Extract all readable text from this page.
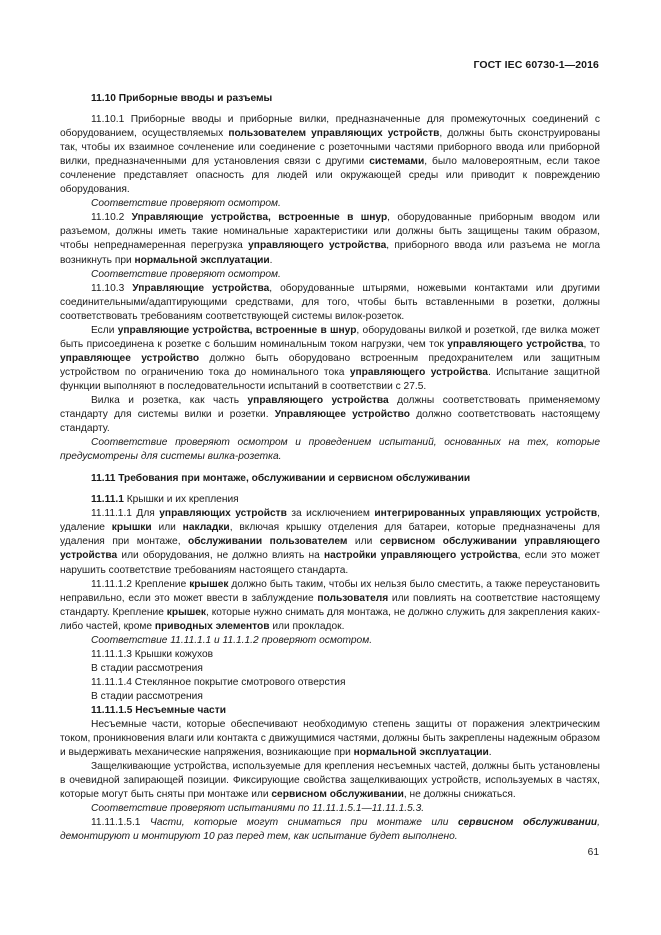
ГОСТ IEC 60730-1—2016

11.10 Приборные вводы и разъемы

11.10.1 Приборные вводы и приборные вилки, предназначенные для промежуточных соединений с оборудованием, осуществляемых пользователем управляющих устройств, должны быть сконструированы так, чтобы их взаимное сочленение или соединение с розеточными частями приборного ввода или приборной вилки, предназначенными для установления связи с другими системами, было маловероятным, если такое сочленение представляет опасность для людей или окружающей среды или приводит к повреждению оборудования.

Соответствие проверяют осмотром.

11.10.2 Управляющие устройства, встроенные в шнур, оборудованные приборным вводом или разъемом, должны иметь такие номинальные характеристики или должны быть защищены таким образом, чтобы непреднамеренная перегрузка управляющего устройства, приборного ввода или разъема не могла возникнуть при нормальной эксплуатации.

Соответствие проверяют осмотром.

11.10.3 Управляющие устройства, оборудованные штырями, ножевыми контактами или другими соединительными/адаптирующими средствами, для того, чтобы быть вставленными в розетки, должны соответствовать требованиям соответствующей системы вилок-розеток.

Если управляющие устройства, встроенные в шнур, оборудованы вилкой и розеткой, где вилка может быть присоединена к розетке с большим номинальным током нагрузки, чем ток управляющего устройства, то управляющее устройство должно быть оборудовано встроенным предохранителем или защитным устройством по ограничению тока до номинального тока управляющего устройства. Испытание защитной функции выполняют в последовательности испытаний в соответствии с 27.5.

Вилка и розетка, как часть управляющего устройства должны соответствовать применяемому стандарту для системы вилки и розетки. Управляющее устройство должно соответствовать настоящему стандарту.

Соответствие проверяют осмотром и проведением испытаний, основанных на тех, которые предусмотрены для системы вилка-розетка.

11.11 Требования при монтаже, обслуживании и сервисном обслуживании

11.11.1 Крышки и их крепления

11.11.1.1 Для управляющих устройств за исключением интегрированных управляющих устройств, удаление крышки или накладки, включая крышку отделения для батареи, которые предназначены для удаления при монтаже, обслуживании пользователем или сервисном обслуживании управляющего устройства или оборудования, не должно влиять на настройки управляющего устройства, если это может нарушить соответствие требованиям настоящего стандарта.

11.11.1.2 Крепление крышек должно быть таким, чтобы их нельзя было сместить, а также переустановить неправильно, если это может ввести в заблуждение пользователя или повлиять на соответствие настоящему стандарту. Крепление крышек, которые нужно снимать для монтажа, не должно служить для закрепления каких-либо частей, кроме приводных элементов или прокладок.

Соответствие 11.11.1.1 и 11.1.1.2 проверяют осмотром.

11.11.1.3 Крышки кожухов

В стадии рассмотрения

11.11.1.4 Стеклянное покрытие смотрового отверстия

В стадии рассмотрения

11.11.1.5 Несъемные части

Несъемные части, которые обеспечивают необходимую степень защиты от поражения электрическим током, проникновения влаги или контакта с движущимися частями, должны быть закреплены надежным образом и выдерживать механические напряжения, возникающие при нормальной эксплуатации.

Защелкивающие устройства, используемые для крепления несъемных частей, должны быть установлены в очевидной запирающей позиции. Фиксирующие свойства защелкивающих устройств, используемых в частях, которые могут быть сняты при монтаже или сервисном обслуживании, не должны снижаться.

Соответствие проверяют испытаниями по 11.11.1.5.1—11.11.1.5.3.

11.11.1.5.1 Части, которые могут сниматься при монтаже или сервисном обслуживании, демонтируют и монтируют 10 раз перед тем, как испытание будет выполнено.

61
